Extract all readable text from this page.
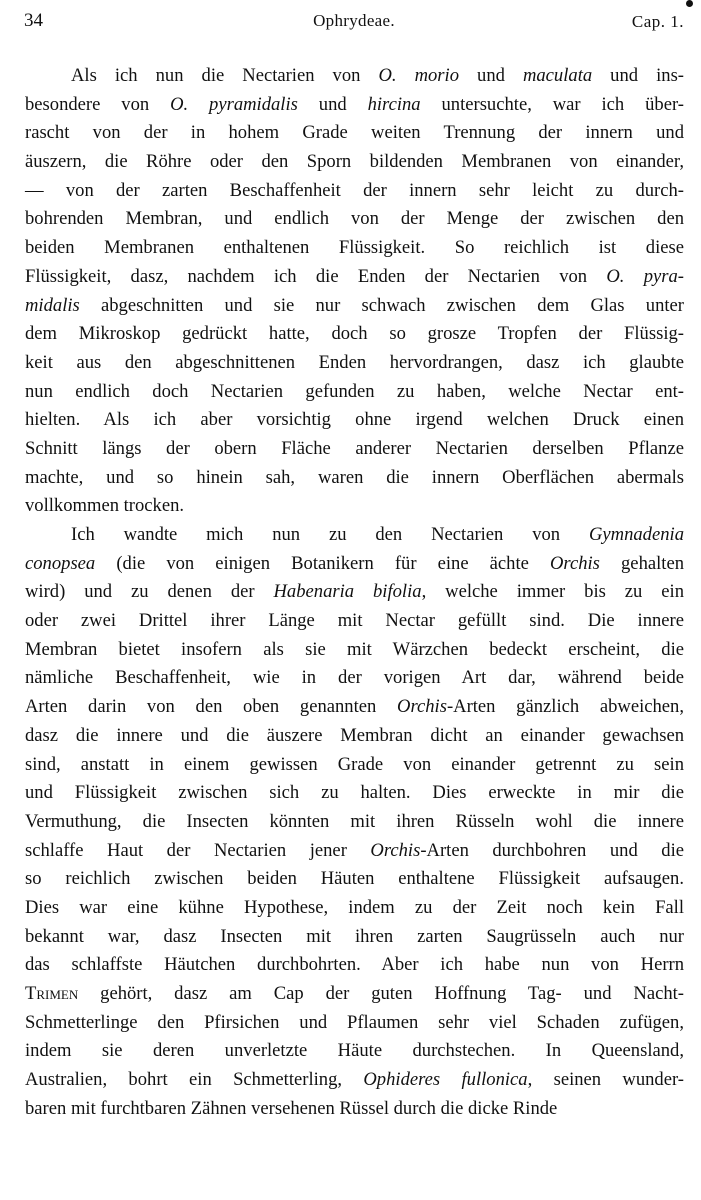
34	Ophrydeae.	Cap. 1.
Als ich nun die Nectarien von O. morio und maculata und ins-
besondere von O. pyramidalis und hircina untersuchte, war ich über-
rascht von der in hohem Grade weiten Trennung der innern und
äuszern, die Röhre oder den Sporn bildenden Membranen von einander,
— von der zarten Beschaffenheit der innern sehr leicht zu durch-
bohrenden Membran, und endlich von der Menge der zwischen den
beiden Membranen enthaltenen Flüssigkeit. So reichlich ist diese
Flüssigkeit, dasz, nachdem ich die Enden der Nectarien von O. pyra-
midalis abgeschnitten und sie nur schwach zwischen dem Glas unter
dem Mikroskop gedrückt hatte, doch so grosze Tropfen der Flüssig-
keit aus den abgeschnittenen Enden hervordrangen, dasz ich glaubte
nun endlich doch Nectarien gefunden zu haben, welche Nectar ent-
hielten. Als ich aber vorsichtig ohne irgend welchen Druck einen
Schnitt längs der obern Fläche anderer Nectarien derselben Pflanze
machte, und so hinein sah, waren die innern Oberflächen abermals
vollkommen trocken.
Ich wandte mich nun zu den Nectarien von Gymnadenia
conopsea (die von einigen Botanikern für eine ächte Orchis gehalten
wird) und zu denen der Habenaria bifolia, welche immer bis zu ein
oder zwei Drittel ihrer Länge mit Nectar gefüllt sind. Die innere
Membran bietet insofern als sie mit Wärzchen bedeckt erscheint, die
nämliche Beschaffenheit, wie in der vorigen Art dar, während beide
Arten darin von den oben genannten Orchis-Arten gänzlich abweichen,
dasz die innere und die äuszere Membran dicht an einander gewachsen
sind, anstatt in einem gewissen Grade von einander getrennt zu sein
und Flüssigkeit zwischen sich zu halten. Dies erweckte in mir die
Vermuthung, die Insecten könnten mit ihren Rüsseln wohl die innere
schlaffe Haut der Nectarien jener Orchis-Arten durchbohren und die
so reichlich zwischen beiden Häuten enthaltene Flüssigkeit aufsaugen.
Dies war eine kühne Hypothese, indem zu der Zeit noch kein Fall
bekannt war, dasz Insecten mit ihren zarten Saugrüsseln auch nur
das schlaffste Häutchen durchbohrten. Aber ich habe nun von Herrn
Trimen gehört, dasz am Cap der guten Hoffnung Tag- und Nacht-
Schmetterlinge den Pfirsichen und Pflaumen sehr viel Schaden zufügen,
indem sie deren unverletzte Häute durchstechen. In Queensland,
Australien, bohrt ein Schmetterling, Ophideres fullonica, seinen wunder-
baren mit furchtbaren Zähnen versehenen Rüssel durch die dicke Rinde
